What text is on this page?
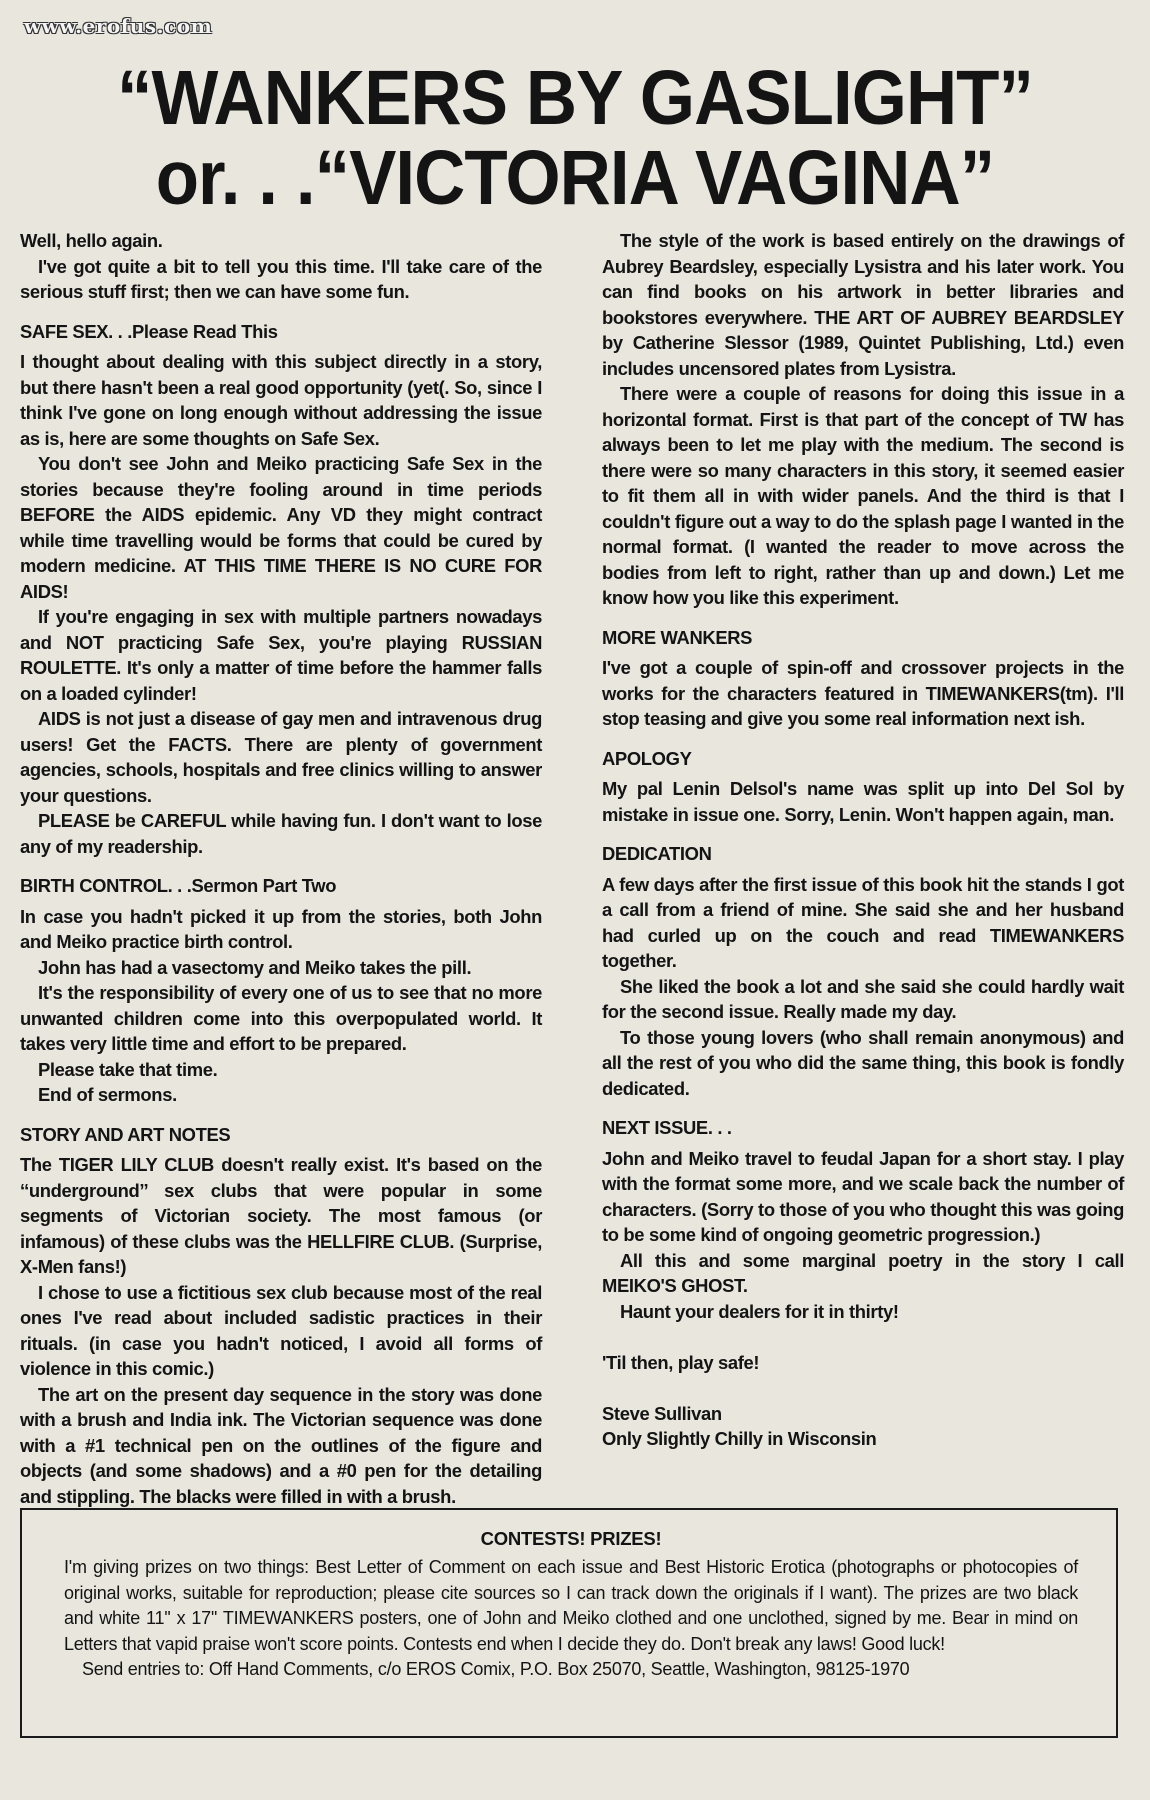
www.erofus.com
“WANKERS BY GASLIGHT”
or. . .“VICTORIA VAGINA”

Well, hello again.

I've got quite a bit to tell you this time. I'll take care of the serious stuff first; then we can have some fun.

SAFE SEX. . .Please Read This

I thought about dealing with this subject directly in a story, but there hasn't been a real good opportunity (yet(. So, since I think I've gone on long enough without addressing the issue as is, here are some thoughts on Safe Sex.

You don't see John and Meiko practicing Safe Sex in the stories because they're fooling around in time periods BEFORE the AIDS epidemic. Any VD they might contract while time travelling would be forms that could be cured by modern medicine. AT THIS TIME THERE IS NO CURE FOR AIDS!

If you're engaging in sex with multiple partners nowadays and NOT practicing Safe Sex, you're playing RUSSIAN ROULETTE. It's only a matter of time before the hammer falls on a loaded cylinder!

AIDS is not just a disease of gay men and intravenous drug users! Get the FACTS. There are plenty of government agencies, schools, hospitals and free clinics willing to answer your questions.

PLEASE be CAREFUL while having fun. I don't want to lose any of my readership.

BIRTH CONTROL. . .Sermon Part Two

In case you hadn't picked it up from the stories, both John and Meiko practice birth control.

John has had a vasectomy and Meiko takes the pill.

It's the responsibility of every one of us to see that no more unwanted children come into this overpopulated world. It takes very little time and effort to be prepared.

Please take that time.

End of sermons.

STORY AND ART NOTES

The TIGER LILY CLUB doesn't really exist. It's based on the ‘‘underground’’ sex clubs that were popular in some segments of Victorian society. The most famous (or infamous) of these clubs was the HELLFIRE CLUB. (Surprise, X-Men fans!)

I chose to use a fictitious sex club because most of the real ones I've read about included sadistic practices in their rituals. (in case you hadn't noticed, I avoid all forms of violence in this comic.)

The art on the present day sequence in the story was done with a brush and India ink. The Victorian sequence was done with a #1 technical pen on the outlines of the figure and objects (and some shadows) and a #0 pen for the detailing and stippling. The blacks were filled in with a brush.

The style of the work is based entirely on the drawings of Aubrey Beardsley, especially Lysistra and his later work. You can find books on his artwork in better libraries and bookstores everywhere. THE ART OF AUBREY BEARDSLEY by Catherine Slessor (1989, Quintet Publishing, Ltd.) even includes uncensored plates from Lysistra.

There were a couple of reasons for doing this issue in a horizontal format. First is that part of the concept of TW has always been to let me play with the medium. The second is there were so many characters in this story, it seemed easier to fit them all in with wider panels. And the third is that I couldn't figure out a way to do the splash page I wanted in the normal format. (I wanted the reader to move across the bodies from left to right, rather than up and down.) Let me know how you like this experiment.

MORE WANKERS

I've got a couple of spin-off and crossover projects in the works for the characters featured in TIMEWANKERS(tm). I'll stop teasing and give you some real information next ish.

APOLOGY

My pal Lenin Delsol's name was split up into Del Sol by mistake in issue one. Sorry, Lenin. Won't happen again, man.

DEDICATION

A few days after the first issue of this book hit the stands I got a call from a friend of mine. She said she and her husband had curled up on the couch and read TIMEWANKERS together.

She liked the book a lot and she said she could hardly wait for the second issue. Really made my day.

To those young lovers (who shall remain anonymous) and all the rest of you who did the same thing, this book is fondly dedicated.

NEXT ISSUE. . .

John and Meiko travel to feudal Japan for a short stay. I play with the format some more, and we scale back the number of characters. (Sorry to those of you who thought this was going to be some kind of ongoing geometric progression.)

All this and some marginal poetry in the story I call MEIKO'S GHOST.

Haunt your dealers for it in thirty!

'Til then, play safe!

Steve Sullivan

Only Slightly Chilly in Wisconsin

CONTESTS! PRIZES!

I'm giving prizes on two things: Best Letter of Comment on each issue and Best Historic Erotica (photographs or photocopies of original works, suitable for reproduction; please cite sources so I can track down the originals if I want). The prizes are two black and white 11'' x 17'' TIMEWANKERS posters, one of John and Meiko clothed and one unclothed, signed by me. Bear in mind on Letters that vapid praise won't score points. Contests end when I decide they do. Don't break any laws! Good luck!

Send entries to: Off Hand Comments, c/o EROS Comix, P.O. Box 25070, Seattle, Washington, 98125-1970
